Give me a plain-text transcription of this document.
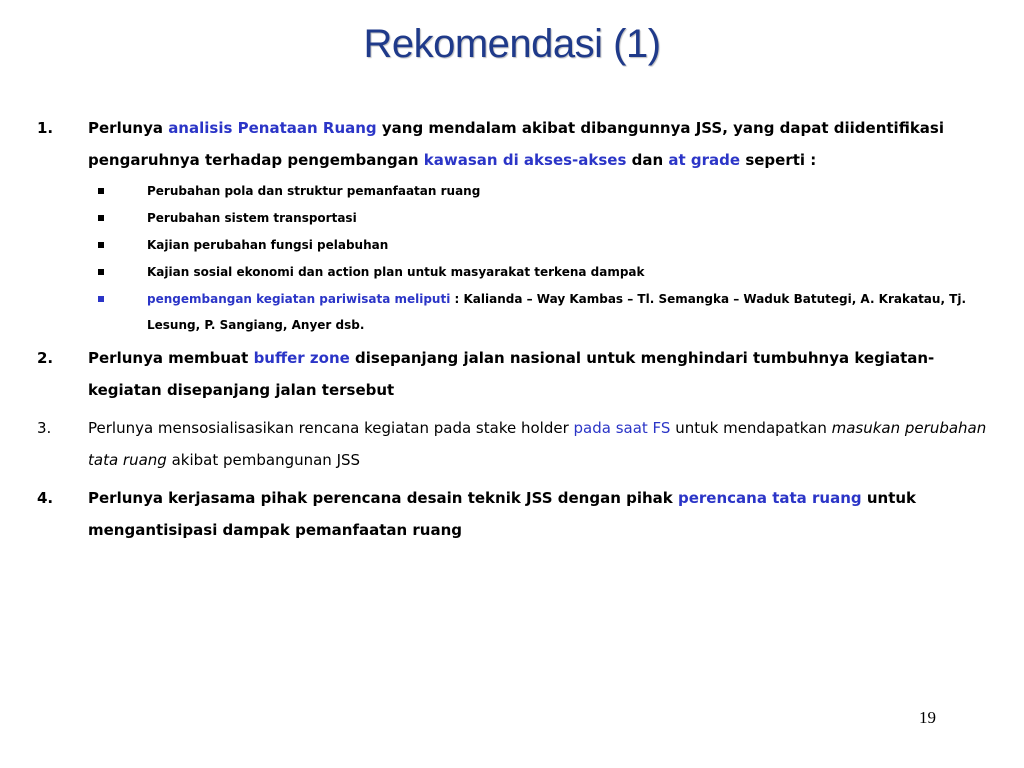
Rekomendasi (1)
1. Perlunya analisis Penataan Ruang yang mendalam akibat dibangunnya JSS, yang dapat diidentifikasi pengaruhnya terhadap pengembangan kawasan di akses-akses dan at grade seperti :
Perubahan pola dan struktur pemanfaatan ruang
Perubahan sistem transportasi
Kajian perubahan fungsi pelabuhan
Kajian sosial ekonomi dan action plan untuk masyarakat terkena dampak
pengembangan kegiatan pariwisata meliputi : Kalianda – Way Kambas – Tl. Semangka – Waduk Batutegi, A. Krakatau, Tj. Lesung, P. Sangiang, Anyer dsb.
2. Perlunya membuat buffer zone disepanjang jalan nasional untuk menghindari tumbuhnya kegiatan-kegiatan disepanjang jalan tersebut
3. Perlunya mensosialisasikan rencana kegiatan pada stake holder pada saat FS untuk mendapatkan masukan perubahan tata ruang akibat pembangunan JSS
4. Perlunya kerjasama pihak perencana desain teknik JSS dengan pihak perencana tata ruang untuk mengantisipasi dampak pemanfaatan ruang
19
